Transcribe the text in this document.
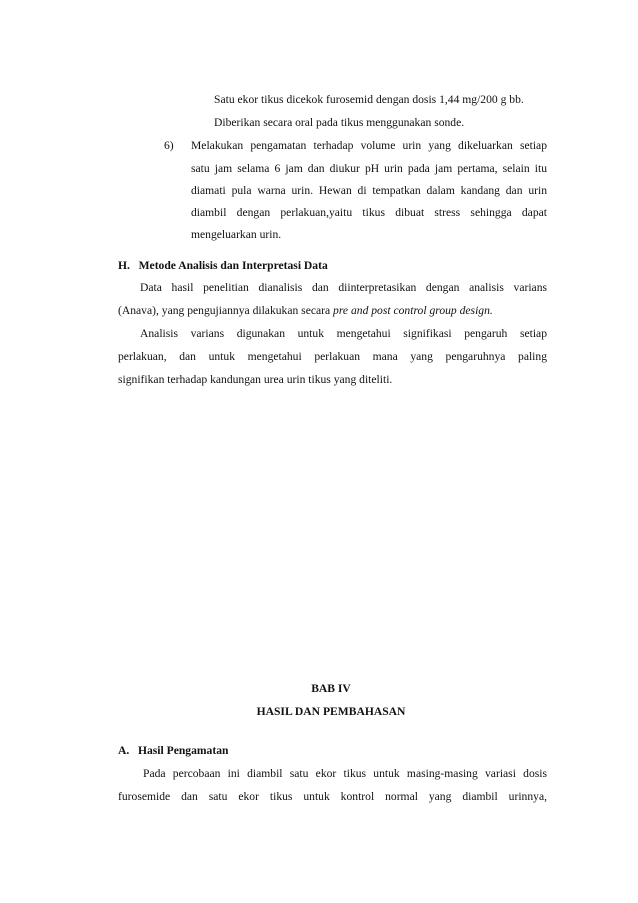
Satu ekor tikus dicekok furosemid dengan dosis 1,44 mg/200 g bb.
Diberikan secara oral pada tikus menggunakan sonde.
6) Melakukan pengamatan terhadap volume urin yang dikeluarkan setiap
satu jam selama 6 jam dan diukur pH urin pada jam pertama, selain itu
diamati pula warna urin. Hewan di tempatkan dalam kandang dan urin
diambil dengan perlakuan,yaitu tikus dibuat stress sehingga dapat
mengeluarkan urin.
H.   Metode Analisis dan Interpretasi Data
Data hasil penelitian dianalisis dan diinterpretasikan dengan analisis varians
(Anava), yang pengujiannya dilakukan secara pre and post control group design.
Analisis varians digunakan untuk mengetahui signifikasi pengaruh setiap
perlakuan, dan untuk mengetahui perlakuan mana yang pengaruhnya paling
signifikan terhadap kandungan urea urin tikus yang diteliti.
BAB IV
HASIL DAN PEMBAHASAN
A.   Hasil Pengamatan
Pada percobaan ini diambil satu ekor tikus untuk masing-masing variasi dosis
furosemide dan satu ekor tikus untuk kontrol normal yang diambil urinnya,
